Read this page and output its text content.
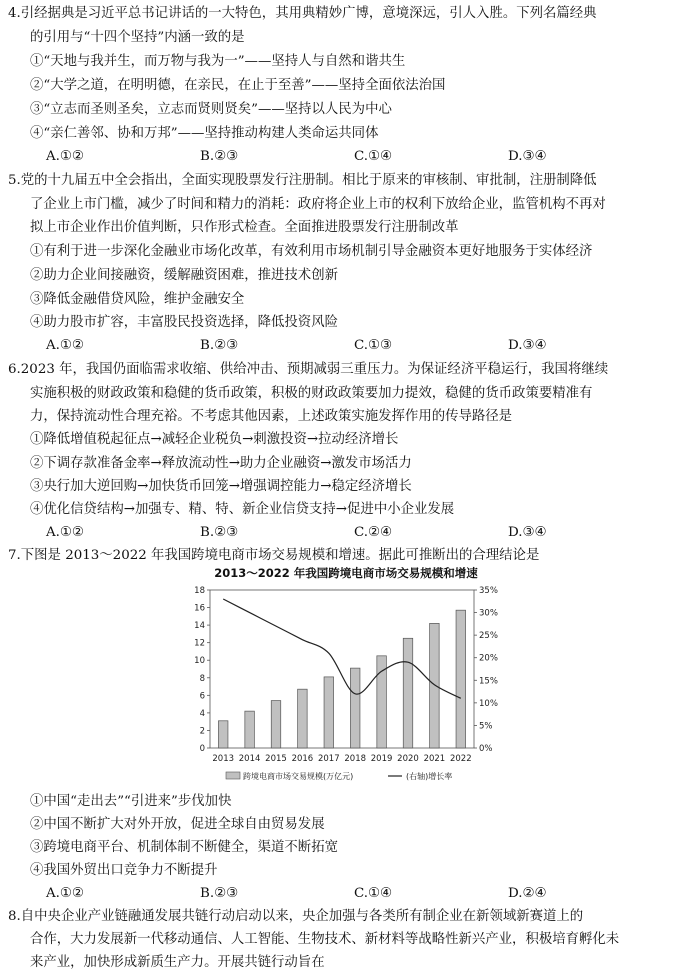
4.引经据典是习近平总书记讲话的一大特色，其用典精妙广博，意境深远，引人入胜。下列名篇经典
的引用与“十四个坚持”内涵一致的是
①“天地与我并生，而万物与我为一”——坚持人与自然和谐共生
②“大学之道，在明明德，在亲民，在止于至善”——坚持全面依法治国
③“立志而圣则圣矣，立志而贤则贤矣”——坚持以人民为中心
④“亲仁善邻、协和万邦”——坚持推动构建人类命运共同体
A.①②	B.②③	C.①④	D.③④
5.党的十九届五中全会指出，全面实现股票发行注册制。相比于原来的审核制、审批制，注册制降低
了企业上市门槛，减少了时间和精力的消耗：政府将企业上市的权利下放给企业，监管机构不再对
拟上市企业作出价值判断，只作形式检查。全面推进股票发行注册制改革
①有利于进一步深化金融业市场化改革，有效利用市场机制引导金融资本更好地服务于实体经济
②助力企业间接融资，缓解融资困难，推进技术创新
③降低金融借贷风险，维护金融安全
④助力股市扩容，丰富股民投资选择，降低投资风险
A.①②	B.②③	C.①③	D.③④
6.2023 年，我国仍面临需求收缩、供给冲击、预期减弱三重压力。为保证经济平稳运行，我国将继续
实施积极的财政政策和稳健的货币政策，积极的财政政策要加力提效，稳健的货币政策要精准有
力，保持流动性合理充裕。不考虑其他因素，上述政策实施发挥作用的传导路径是
①降低增值税起征点→减轻企业税负→刺激投资→拉动经济增长
②下调存款准备金率→释放流动性→助力企业融资→激发市场活力
③央行加大逆回购→加快货币回笼→增强调控能力→稳定经济增长
④优化信贷结构→加强专、精、特、新企业信贷支持→促进中小企业发展
A.①②	B.②③	C.②④	D.③④
7.下图是 2013～2022 年我国跨境电商市场交易规模和增速。据此可推断出的合理结论是
2013～2022 年我国跨境电商市场交易规模和增速
0
2
4
6
8
10
12
14
16
18
0%
5%
10%
15%
20%
25%
30%
35%
2013 2014 2015 2016 2017 2018 2019 2020 2021 2022
跨境电商市场交易规模(万亿元)	(右轴)增长率
①中国“走出去”“引进来”步伐加快
②中国不断扩大对外开放，促进全球自由贸易发展
③跨境电商平台、机制体制不断健全，渠道不断拓宽
④我国外贸出口竞争力不断提升
A.①②	B.②③	C.①④	D.②④
8.自中央企业产业链融通发展共链行动启动以来，央企加强与各类所有制企业在新领域新赛道上的
合作，大力发展新一代移动通信、人工智能、生物技术、新材料等战略性新兴产业，积极培育孵化未
来产业，加快形成新质生产力。开展共链行动旨在
